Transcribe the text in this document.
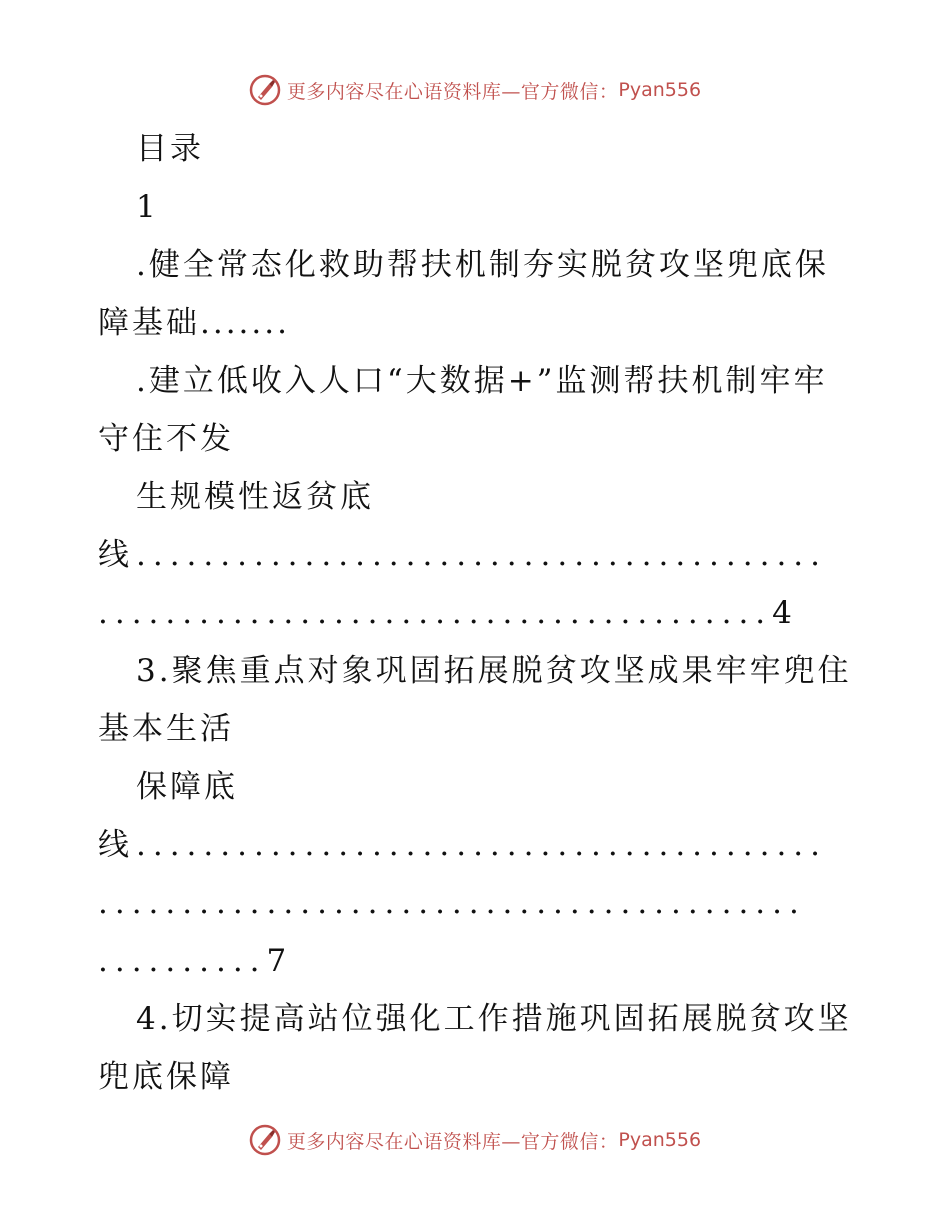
更多内容尽在心语资料库—官方微信： Pyan556
目录
1
.健全常态化救助帮扶机制夯实脱贫攻坚兜底保
障基础.......
.建立低收入人口“大数据+”监测帮扶机制牢牢
守住不发
生规模性返贫底
线.........................................
........................................4
3.聚焦重点对象巩固拓展脱贫攻坚成果牢牢兜住
基本生活
保障底
线.........................................
..........................................
..........7
4.切实提高站位强化工作措施巩固拓展脱贫攻坚
兜底保障
更多内容尽在心语资料库—官方微信： Pyan556
